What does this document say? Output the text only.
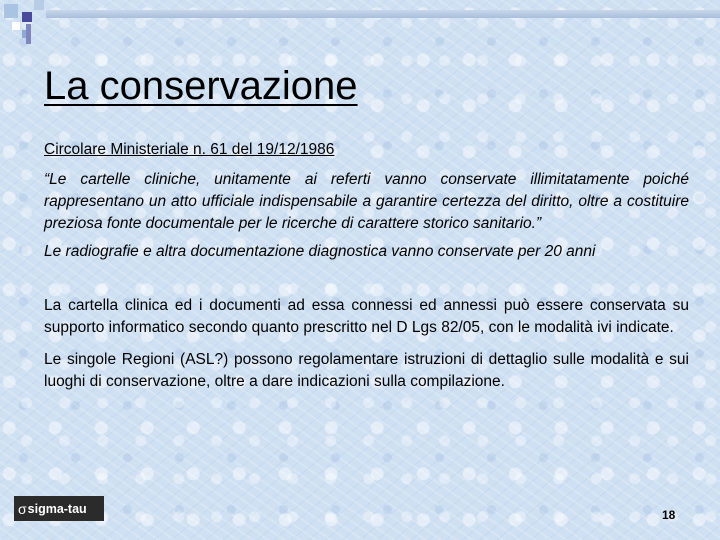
La conservazione

Circolare Ministeriale n. 61 del 19/12/1986

“Le cartelle cliniche, unitamente ai referti vanno conservate illimitatamente poiché rappresentano un atto ufficiale indispensabile a garantire certezza del diritto, oltre a costituire preziosa fonte documentale per le ricerche di carattere storico sanitario.”

Le radiografie e altra documentazione diagnostica vanno conservate per 20 anni

La cartella clinica ed i documenti ad essa connessi ed annessi può essere conservata su supporto informatico secondo quanto prescritto nel D Lgs 82/05, con le modalità ivi indicate.

Le singole Regioni (ASL?) possono regolamentare istruzioni di dettaglio sulle modalità e sui luoghi di conservazione, oltre a dare indicazioni sulla compilazione.

σ sigma-tau	18
